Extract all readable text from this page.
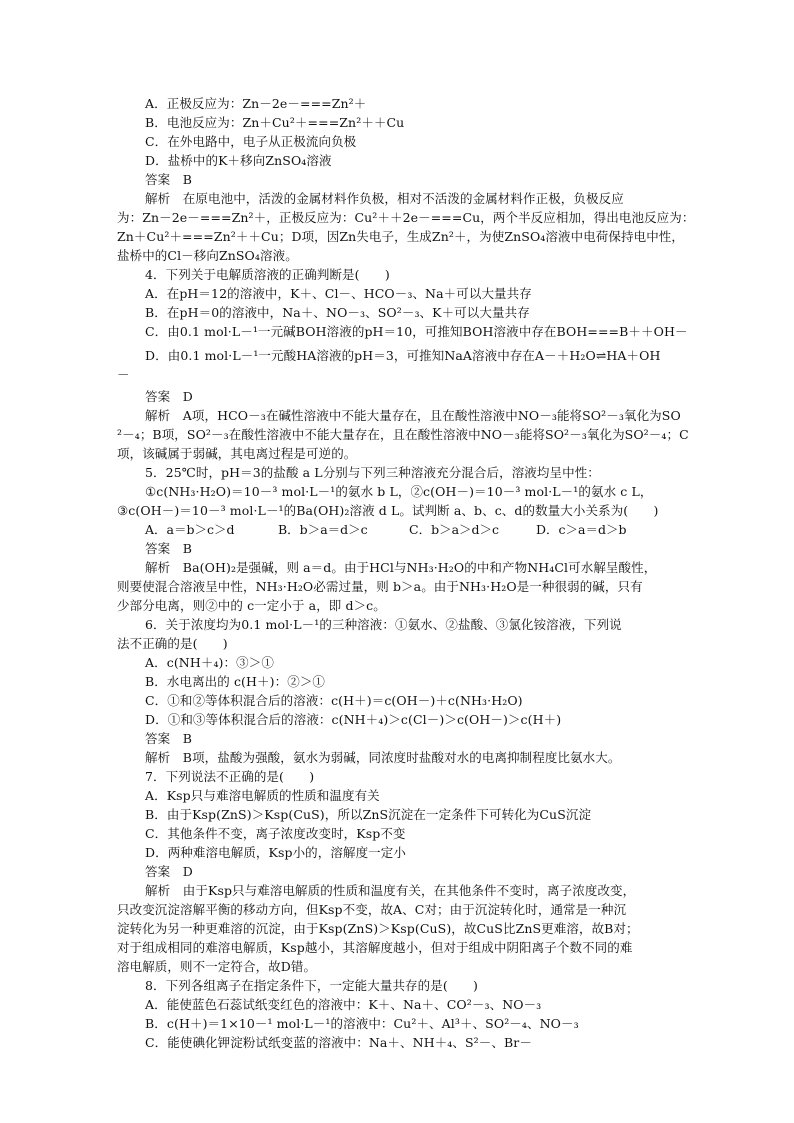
A．正极反应为：Zn－2e－===Zn²＋
B．电池反应为：Zn＋Cu²＋===Zn²＋＋Cu
C．在外电路中，电子从正极流向负极
D．盐桥中的K＋移向ZnSO₄溶液
答案　B
解析　在原电池中，活泼的金属材料作负极，相对不活泼的金属材料作正极，负极反应
为：Zn－2e－===Zn²＋，正极反应为：Cu²＋＋2e－===Cu，两个半反应相加，得出电池反应为：
Zn＋Cu²＋===Zn²＋＋Cu；D项，因Zn失电子，生成Zn²＋，为使ZnSO₄溶液中电荷保持电中性，
盐桥中的Cl－移向ZnSO₄溶液。
4．下列关于电解质溶液的正确判断是(　　)
A．在pH＝12的溶液中，K＋、Cl－、HCO－₃、Na＋可以大量共存
B．在pH＝0的溶液中，Na＋、NO－₃、SO²－₃、K＋可以大量共存
C．由0.1 mol·L－¹一元碱BOH溶液的pH＝10，可推知BOH溶液中存在BOH===B＋＋OH－
D．由0.1 mol·L－¹一元酸HA溶液的pH＝3，可推知NaA溶液中存在A－＋H₂O⇌HA＋OH
－
答案　D
解析　A项，HCO－₃在碱性溶液中不能大量存在，且在酸性溶液中NO－₃能将SO²－₃氧化为SO
²－₄；B项，SO²－₃在酸性溶液中不能大量存在，且在酸性溶液中NO－₃能将SO²－₃氧化为SO²－₄；C
项，该碱属于弱碱，其电离过程是可逆的。
5．25℃时，pH＝3的盐酸 a L分别与下列三种溶液充分混合后，溶液均呈中性：
①c(NH₃·H₂O)＝10－³ mol·L－¹的氨水 b L，②c(OH－)＝10－³ mol·L－¹的氨水 c L，
③c(OH－)＝10－³ mol·L－¹的Ba(OH)₂溶液 d L。试判断 a、b、c、d的数量大小关系为(　　)
A．a＝b＞c＞d	B．b＞a＝d＞c	C．b＞a＞d＞c	D．c＞a＝d＞b
答案　B
解析　Ba(OH)₂是强碱，则 a＝d。由于HCl与NH₃·H₂O的中和产物NH₄Cl可水解呈酸性，
则要使混合溶液呈中性，NH₃·H₂O必需过量，则 b＞a。由于NH₃·H₂O是一种很弱的碱，只有
少部分电离，则②中的 c一定小于 a，即 d＞c。
6．关于浓度均为0.1 mol·L－¹的三种溶液：①氨水、②盐酸、③氯化铵溶液，下列说
法不正确的是(　　)
A．c(NH＋₄)：③＞①
B．水电离出的 c(H＋)：②＞①
C．①和②等体积混合后的溶液：c(H＋)＝c(OH－)＋c(NH₃·H₂O)
D．①和③等体积混合后的溶液：c(NH＋₄)＞c(Cl－)＞c(OH－)＞c(H＋)
答案　B
解析　B项，盐酸为强酸，氨水为弱碱，同浓度时盐酸对水的电离抑制程度比氨水大。
7．下列说法不正确的是(　　)
A．Ksp只与难溶电解质的性质和温度有关
B．由于Ksp(ZnS)＞Ksp(CuS)，所以ZnS沉淀在一定条件下可转化为CuS沉淀
C．其他条件不变，离子浓度改变时，Ksp不变
D．两种难溶电解质，Ksp小的，溶解度一定小
答案　D
解析　由于Ksp只与难溶电解质的性质和温度有关，在其他条件不变时，离子浓度改变，
只改变沉淀溶解平衡的移动方向，但Ksp不变，故A、C对；由于沉淀转化时，通常是一种沉
淀转化为另一种更难溶的沉淀，由于Ksp(ZnS)＞Ksp(CuS)，故CuS比ZnS更难溶，故B对；
对于组成相同的难溶电解质，Ksp越小，其溶解度越小，但对于组成中阴阳离子个数不同的难
溶电解质，则不一定符合，故D错。
8．下列各组离子在指定条件下，一定能大量共存的是(　　)
A．能使蓝色石蕊试纸变红色的溶液中：K＋、Na＋、CO²－₃、NO－₃
B．c(H＋)＝1×10－¹ mol·L－¹的溶液中：Cu²＋、Al³＋、SO²－₄、NO－₃
C．能使碘化钾淀粉试纸变蓝的溶液中：Na＋、NH＋₄、S²－、Br－
